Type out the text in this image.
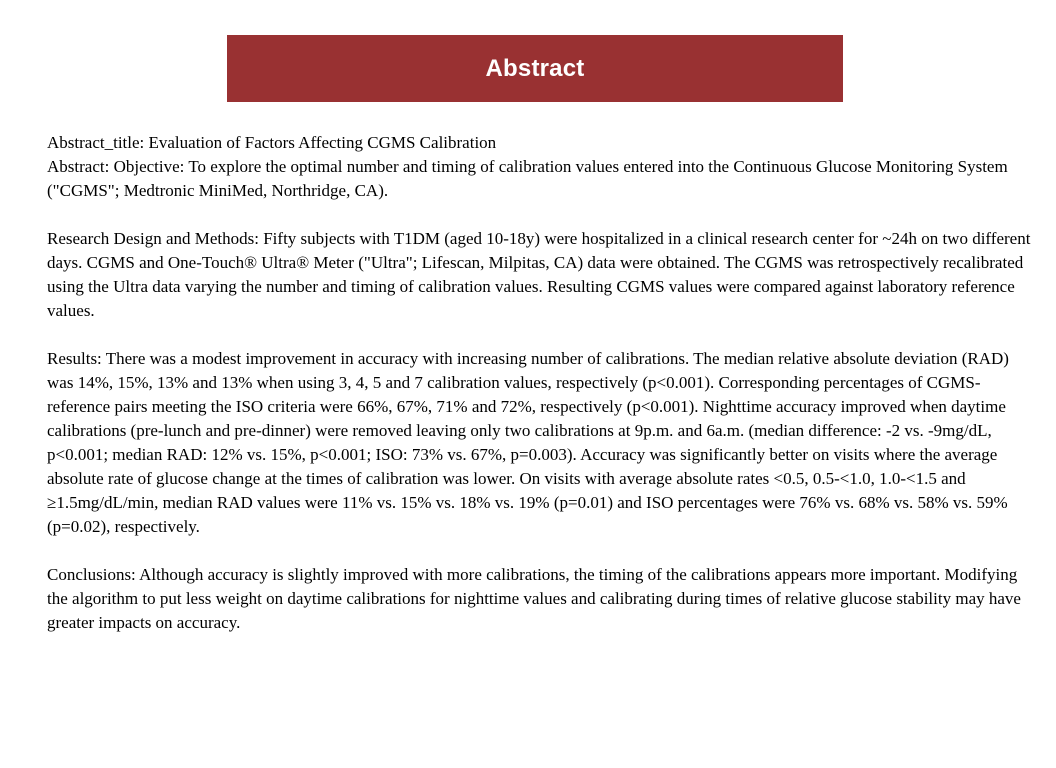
Abstract

Abstract_title: Evaluation of Factors Affecting CGMS Calibration

Abstract: Objective: To explore the optimal number and timing of calibration values entered into the Continuous Glucose Monitoring System ("CGMS"; Medtronic MiniMed, Northridge, CA).

Research Design and Methods: Fifty subjects with T1DM (aged 10-18y) were hospitalized in a clinical research center for ~24h on two different days. CGMS and One-Touch® Ultra® Meter ("Ultra"; Lifescan, Milpitas, CA) data were obtained. The CGMS was retrospectively recalibrated using the Ultra data varying the number and timing of calibration values. Resulting CGMS values were compared against laboratory reference values.

Results: There was a modest improvement in accuracy with increasing number of calibrations. The median relative absolute deviation (RAD) was 14%, 15%, 13% and 13% when using 3, 4, 5 and 7 calibration values, respectively (p<0.001). Corresponding percentages of CGMS-reference pairs meeting the ISO criteria were 66%, 67%, 71% and 72%, respectively (p<0.001). Nighttime accuracy improved when daytime calibrations (pre-lunch and pre-dinner) were removed leaving only two calibrations at 9p.m. and 6a.m. (median difference: -2 vs. -9mg/dL, p<0.001; median RAD: 12% vs. 15%, p<0.001; ISO: 73% vs. 67%, p=0.003). Accuracy was significantly better on visits where the average absolute rate of glucose change at the times of calibration was lower. On visits with average absolute rates <0.5, 0.5-<1.0, 1.0-<1.5 and ≥1.5mg/dL/min, median RAD values were 11% vs. 15% vs. 18% vs. 19% (p=0.01) and ISO percentages were 76% vs. 68% vs. 58% vs. 59% (p=0.02), respectively.

Conclusions: Although accuracy is slightly improved with more calibrations, the timing of the calibrations appears more important. Modifying the algorithm to put less weight on daytime calibrations for nighttime values and calibrating during times of relative glucose stability may have greater impacts on accuracy.
